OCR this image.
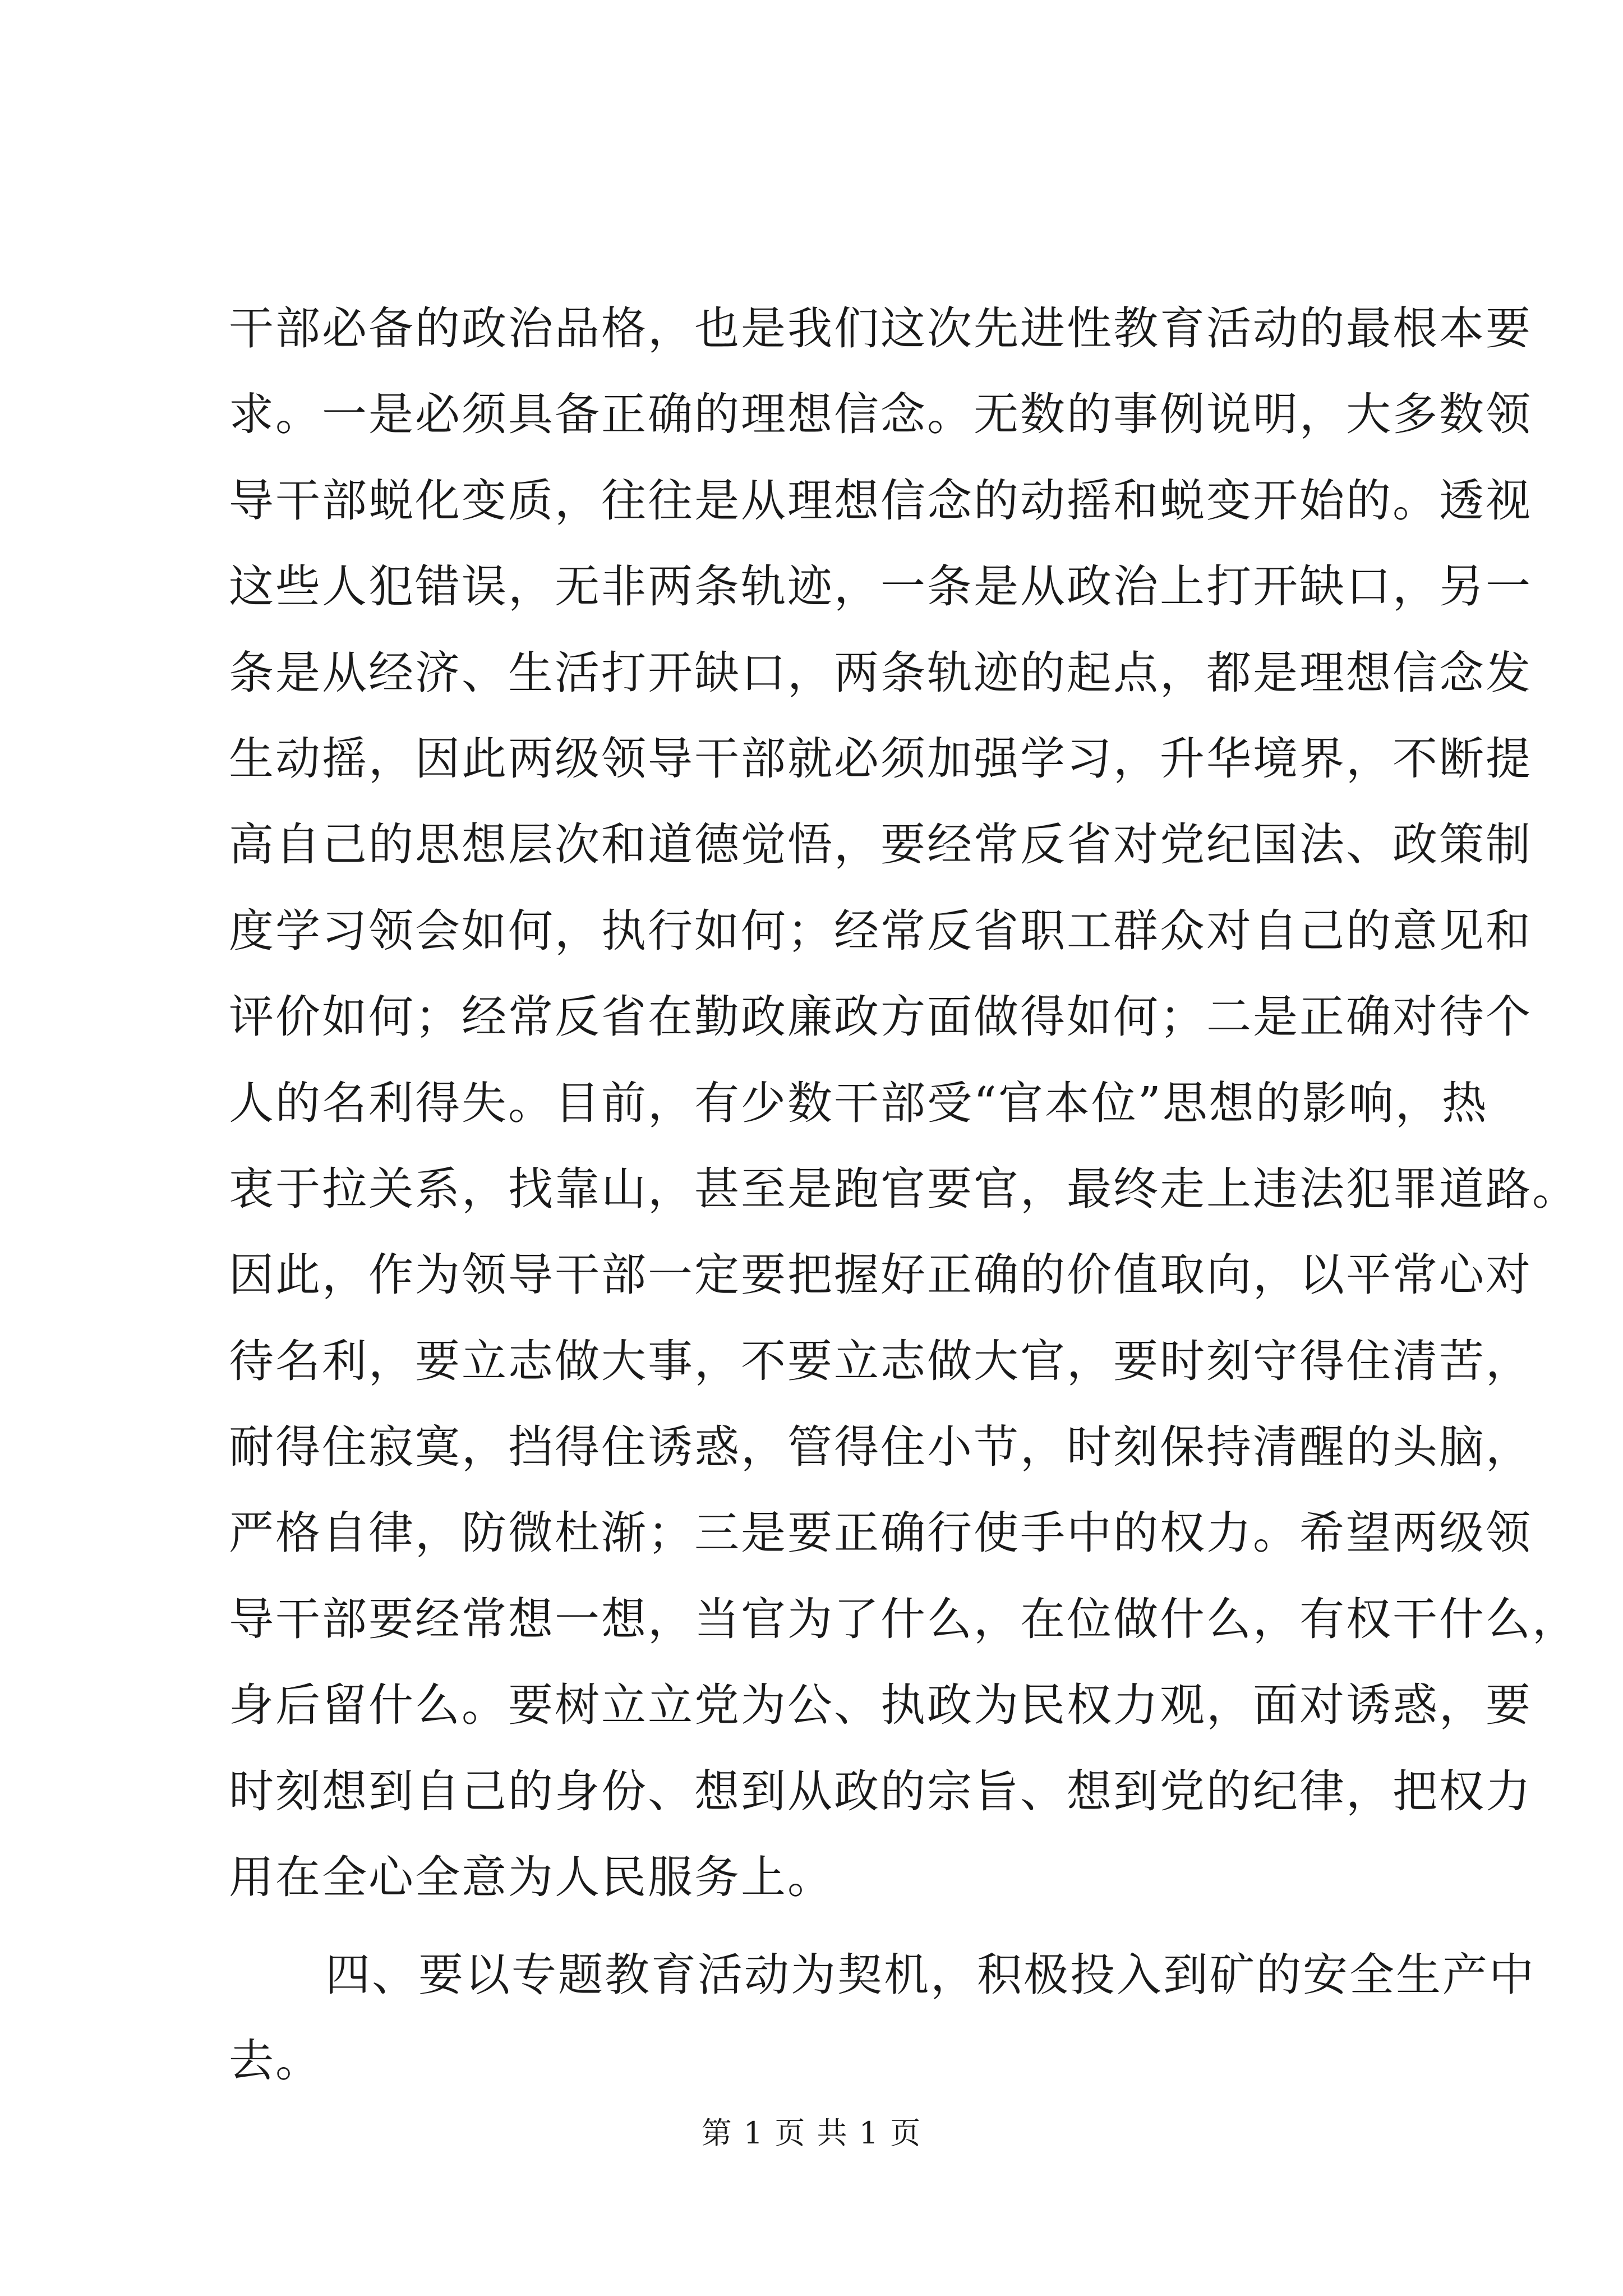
干部必备的政治品格，也是我们这次先进性教育活动的最根本要
求。一是必须具备正确的理想信念。无数的事例说明，大多数领
导干部蜕化变质，往往是从理想信念的动摇和蜕变开始的。透视
这些人犯错误，无非两条轨迹，一条是从政治上打开缺口，另一
条是从经济、生活打开缺口，两条轨迹的起点，都是理想信念发
生动摇，因此两级领导干部就必须加强学习，升华境界，不断提
高自己的思想层次和道德觉悟，要经常反省对党纪国法、政策制
度学习领会如何，执行如何；经常反省职工群众对自己的意见和
评价如何；经常反省在勤政廉政方面做得如何；二是正确对待个
人的名利得失。目前，有少数干部受“官本位”思想的影响，热
衷于拉关系，找靠山，甚至是跑官要官，最终走上违法犯罪道路。
因此，作为领导干部一定要把握好正确的价值取向，以平常心对
待名利，要立志做大事，不要立志做大官，要时刻守得住清苦，
耐得住寂寞，挡得住诱惑，管得住小节，时刻保持清醒的头脑，
严格自律，防微杜渐；三是要正确行使手中的权力。希望两级领
导干部要经常想一想，当官为了什么，在位做什么，有权干什么，
身后留什么。要树立立党为公、执政为民权力观，面对诱惑，要
时刻想到自己的身份、想到从政的宗旨、想到党的纪律，把权力
用在全心全意为人民服务上。
四、要以专题教育活动为契机，积极投入到矿的安全生产中
去。
第 1 页 共 1 页
